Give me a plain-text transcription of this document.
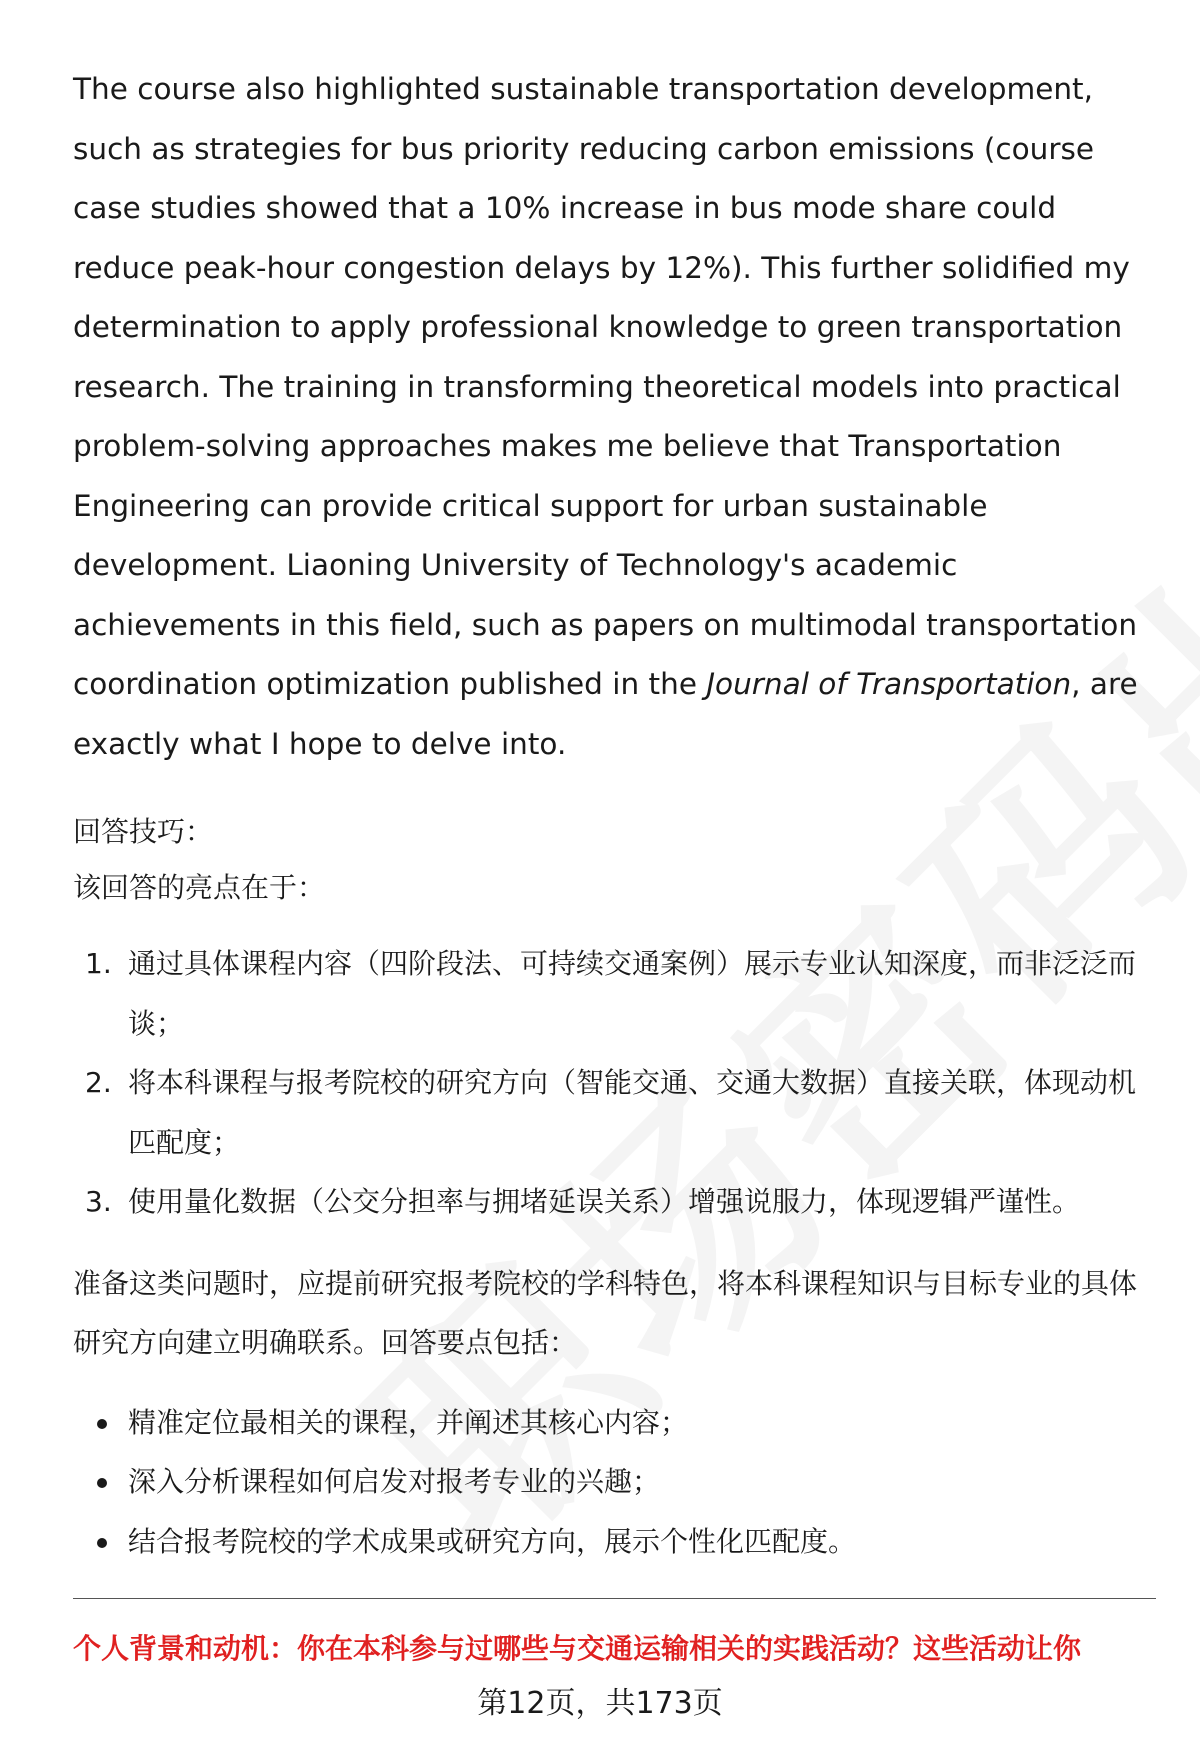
The course also highlighted sustainable transportation development, such as strategies for bus priority reducing carbon emissions (course case studies showed that a 10% increase in bus mode share could reduce peak-hour congestion delays by 12%). This further solidified my determination to apply professional knowledge to green transportation research. The training in transforming theoretical models into practical problem-solving approaches makes me believe that Transportation Engineering can provide critical support for urban sustainable development. Liaoning University of Technology's academic achievements in this field, such as papers on multimodal transportation coordination optimization published in the Journal of Transportation, are exactly what I hope to delve into.

回答技巧：

该回答的亮点在于：

1. 通过具体课程内容（四阶段法、可持续交通案例）展示专业认知深度，而非泛泛而谈；
2. 将本科课程与报考院校的研究方向（智能交通、交通大数据）直接关联，体现动机匹配度；
3. 使用量化数据（公交分担率与拥堵延误关系）增强说服力，体现逻辑严谨性。

准备这类问题时，应提前研究报考院校的学科特色，将本科课程知识与目标专业的具体研究方向建立明确联系。回答要点包括：

精准定位最相关的课程，并阐述其核心内容；
深入分析课程如何启发对报考专业的兴趣；
结合报考院校的学术成果或研究方向，展示个性化匹配度。
个人背景和动机：你在本科参与过哪些与交通运输相关的实践活动？这些活动让你
第12页，共173页
